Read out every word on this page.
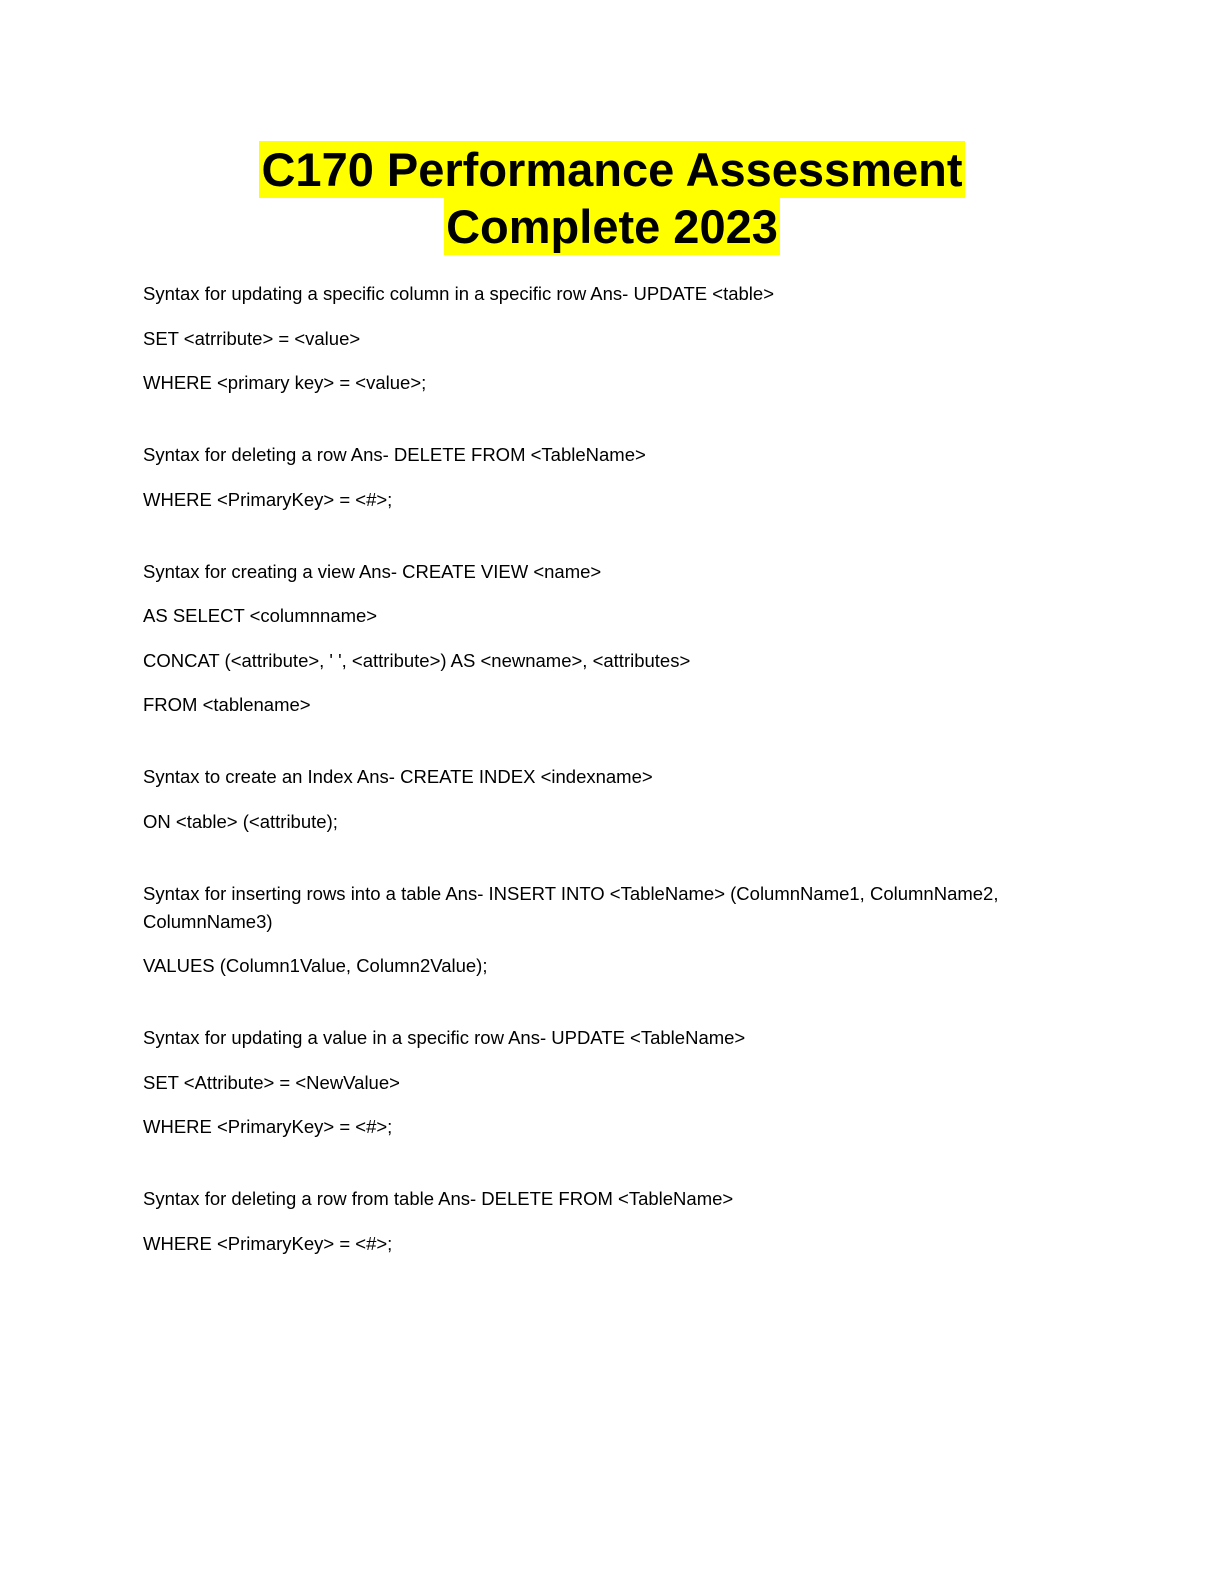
C170 Performance Assessment
Complete 2023
Syntax for updating a specific column in a specific row Ans- UPDATE <table>
SET <atrribute> = <value>
WHERE <primary key> = <value>;
Syntax for deleting a row Ans- DELETE FROM <TableName>
WHERE <PrimaryKey> = <#>;
Syntax for creating a view Ans- CREATE VIEW <name>
AS SELECT <columnname>
CONCAT (<attribute>, ' ', <attribute>) AS <newname>, <attributes>
FROM <tablename>
Syntax to create an Index Ans- CREATE INDEX <indexname>
ON <table> (<attribute);
Syntax for inserting rows into a table Ans- INSERT INTO <TableName> (ColumnName1, ColumnName2, ColumnName3)
VALUES (Column1Value, Column2Value);
Syntax for updating a value in a specific row Ans- UPDATE <TableName>
SET <Attribute> = <NewValue>
WHERE <PrimaryKey> = <#>;
Syntax for deleting a row from table Ans- DELETE FROM <TableName>
WHERE <PrimaryKey> = <#>;
